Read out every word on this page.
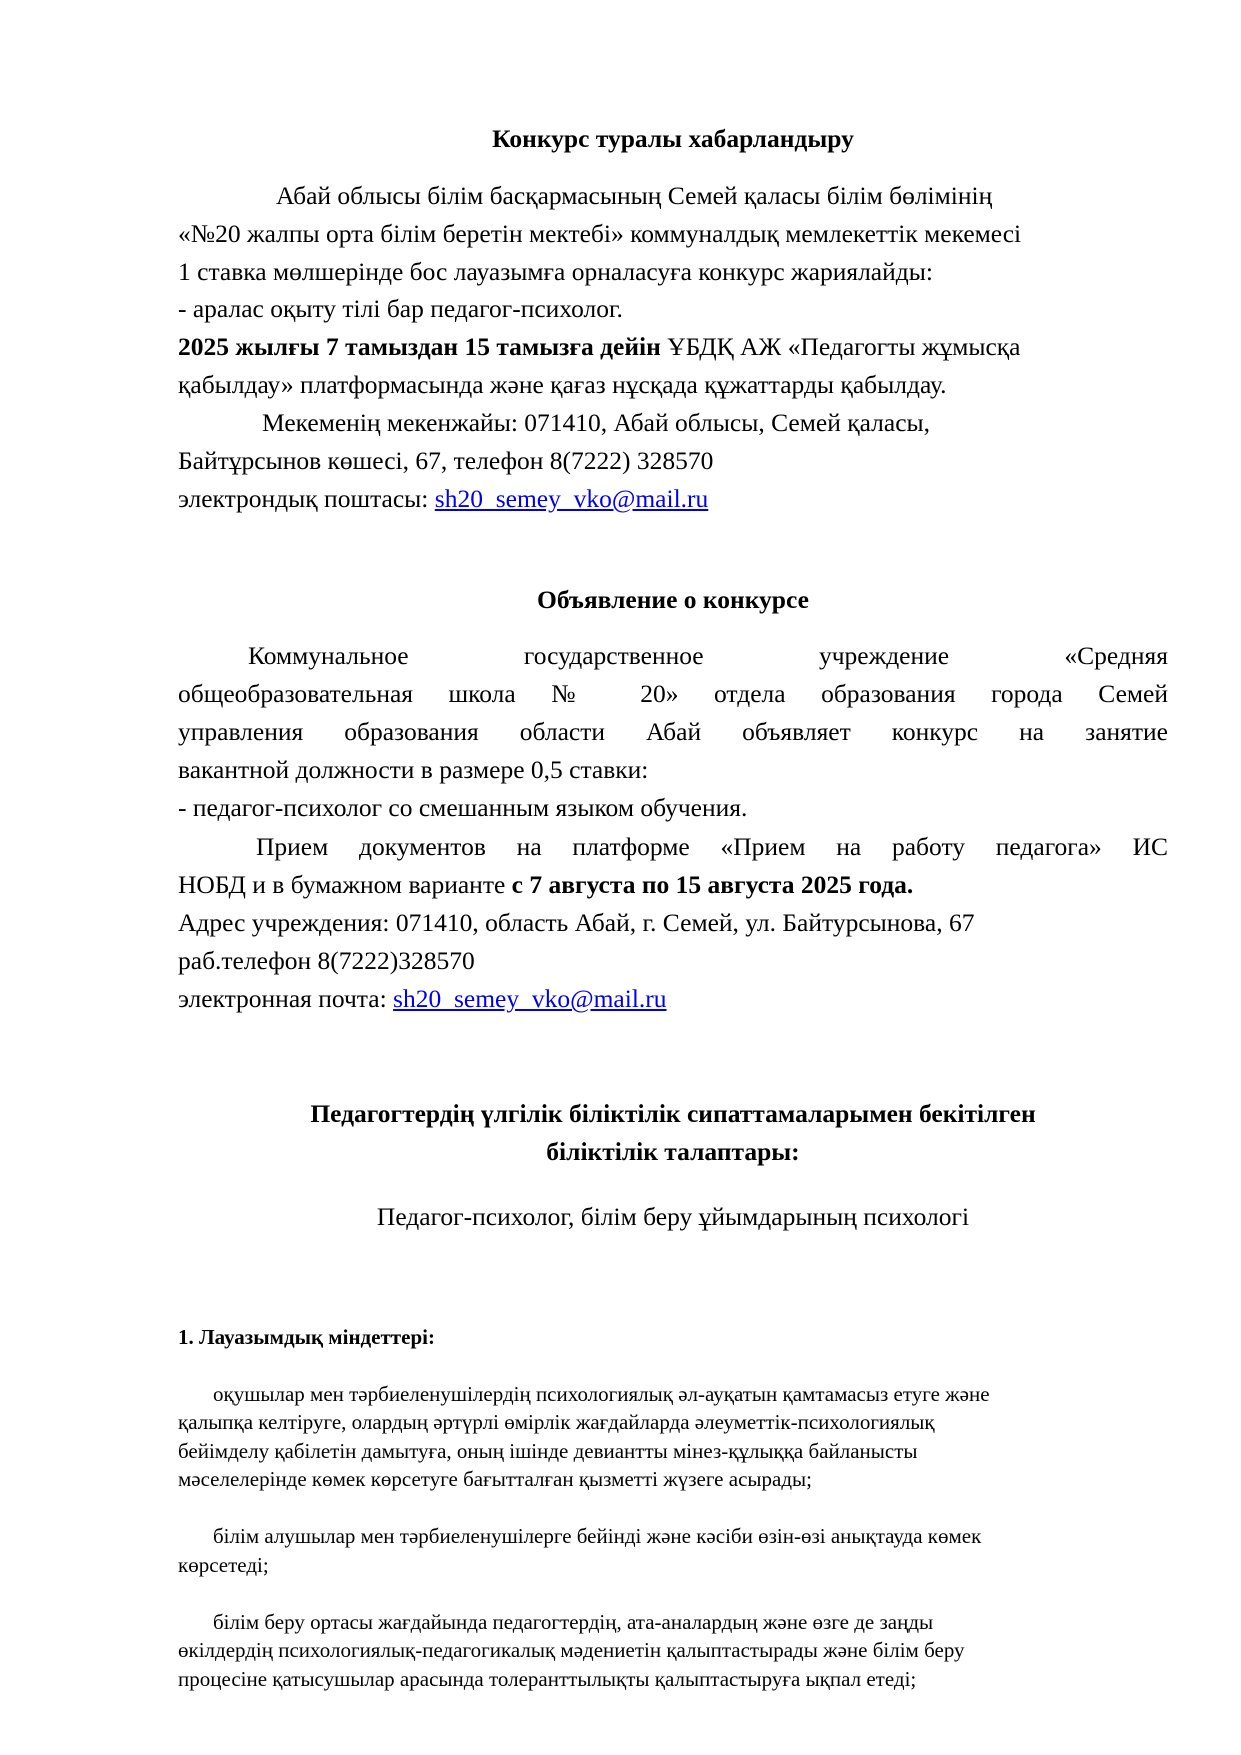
Конкурс туралы хабарландыру
Абай облысы білім басқармасының Семей қаласы білім бөлімінің
«№20 жалпы орта білім беретін мектебі» коммуналдық мемлекеттік мекемесі
1 ставка мөлшерінде бос лауазымға орналасуға конкурс жариялайды:
- аралас оқыту тілі бар педагог-психолог.
2025 жылғы 7 тамыздан 15 тамызға дейін ҰБДҚ АЖ «Педагогты жұмысқа
қабылдау» платформасында және қағаз нұсқада құжаттарды қабылдау.
Мекеменің мекенжайы: 071410, Абай облысы, Семей қаласы,
Байтұрсынов көшесі, 67, телефон 8(7222) 328570
электрондық поштасы: sh20_semey_vko@mail.ru
Объявление о конкурсе
Коммунальное государственное учреждение «Средняя
общеобразовательная школа № 20» отдела образования города Семей
управления образования области Абай объявляет конкурс на занятие
вакантной должности в размере 0,5 ставки:
- педагог-психолог со смешанным языком обучения.
Прием документов на платформе «Прием на работу педагога» ИС
НОБД и в бумажном варианте с 7 августа по 15 августа 2025 года.
Адрес учреждения: 071410, область Абай, г. Семей, ул. Байтурсынова, 67
раб.телефон 8(7222)328570
электронная почта: sh20_semey_vko@mail.ru
Педагогтердің үлгілік біліктілік сипаттамаларымен бекітілген
біліктілік талаптары:
Педагог-психолог, білім беру ұйымдарының психологі
1. Лауазымдық міндеттері:
оқушылар мен тәрбиеленушілердің психологиялық әл-ауқатын қамтамасыз етуге және
қалыпқа келтіруге, олардың әртүрлі өмірлік жағдайларда әлеуметтік-психологиялық
бейімделу қабілетін дамытуға, оның ішінде девиантты мінез-құлыққа байланысты
мәселелерінде көмек көрсетуге бағытталған қызметті жүзеге асырады;
білім алушылар мен тәрбиеленушілерге бейінді және кәсіби өзін-өзі анықтауда көмек
көрсетеді;
білім беру ортасы жағдайында педагогтердің, ата-аналардың және өзге де заңды
өкілдердің психологиялық-педагогикалық мәдениетін қалыптастырады және білім беру
процесіне қатысушылар арасында толеранттылықты қалыптастыруға ықпал етеді;
